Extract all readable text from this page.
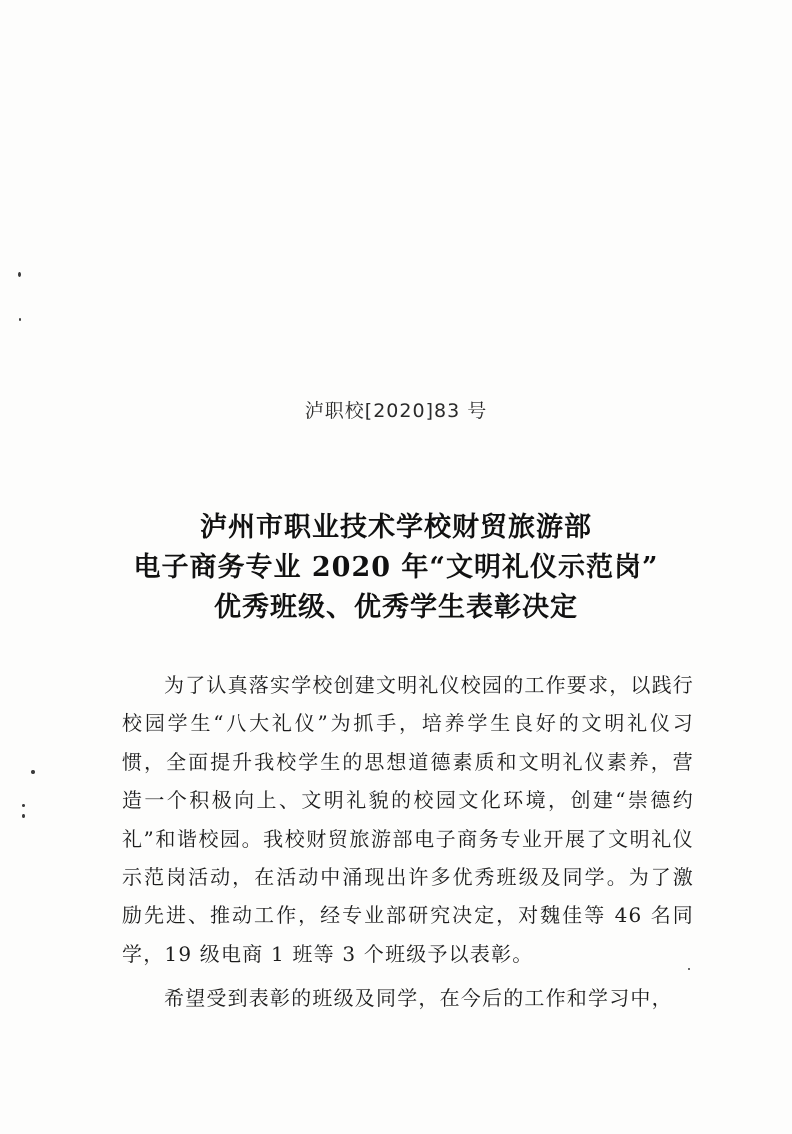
泸职校[2020]83 号
泸州市职业技术学校财贸旅游部
电子商务专业 2020 年“文明礼仪示范岗”
优秀班级、优秀学生表彰决定

为了认真落实学校创建文明礼仪校园的工作要求，以践行校园学生“八大礼仪”为抓手，培养学生良好的文明礼仪习惯，全面提升我校学生的思想道德素质和文明礼仪素养，营造一个积极向上、文明礼貌的校园文化环境，创建“崇德约礼”和谐校园。我校财贸旅游部电子商务专业开展了文明礼仪示范岗活动，在活动中涌现出许多优秀班级及同学。为了激励先进、推动工作，经专业部研究决定，对魏佳等 46 名同学，19 级电商 1 班等 3 个班级予以表彰。

希望受到表彰的班级及同学，在今后的工作和学习中，
